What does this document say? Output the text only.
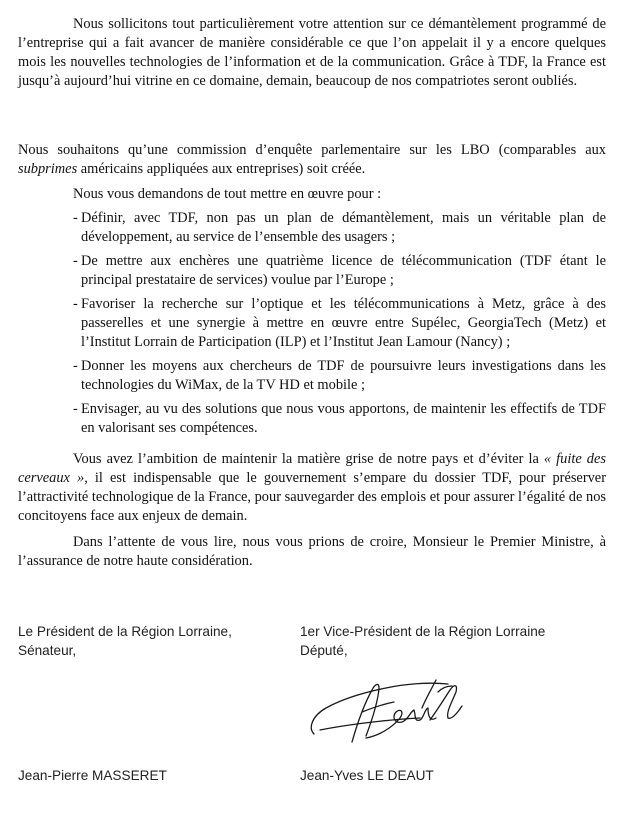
Nous sollicitons tout particulièrement votre attention sur ce démantèlement programmé de l’entreprise qui a fait avancer de manière considérable ce que l’on appelait il y a encore quelques mois les nouvelles technologies de l’information et de la communication. Grâce à TDF, la France est jusqu’à aujourd’hui vitrine en ce domaine, demain, beaucoup de nos compatriotes seront oubliés.

Nous souhaitons qu’une commission d’enquête parlementaire sur les LBO (comparables aux subprimes américains appliquées aux entreprises) soit créée.

Nous vous demandons de tout mettre en œuvre pour :

- Définir, avec TDF, non pas un plan de démantèlement, mais un véritable plan de développement, au service de l’ensemble des usagers ;
- De mettre aux enchères une quatrième licence de télécommunication (TDF étant le principal prestataire de services) voulue par l’Europe ;
- Favoriser la recherche sur l’optique et les télécommunications à Metz, grâce à des passerelles et une synergie à mettre en œuvre entre Supélec, GeorgiaTech (Metz) et l’Institut Lorrain de Participation (ILP) et l’Institut Jean Lamour (Nancy) ;
- Donner les moyens aux chercheurs de TDF de poursuivre leurs investigations dans les technologies du WiMax, de la TV HD et mobile ;
- Envisager, au vu des solutions que nous vous apportons, de maintenir les effectifs de TDF en valorisant ses compétences.

Vous avez l’ambition de maintenir la matière grise de notre pays et d’éviter la « fuite des cerveaux », il est indispensable que le gouvernement s’empare du dossier TDF, pour préserver l’attractivité technologique de la France, pour sauvegarder des emplois et pour assurer l’égalité de nos concitoyens face aux enjeux de demain.

Dans l’attente de vous lire, nous vous prions de croire, Monsieur le Premier Ministre, à l’assurance de notre haute considération.

Le Président de la Région Lorraine,
Sénateur,
1er Vice-Président de la Région Lorraine
Député,
Jean-Pierre MASSERET	Jean-Yves LE DEAUT
